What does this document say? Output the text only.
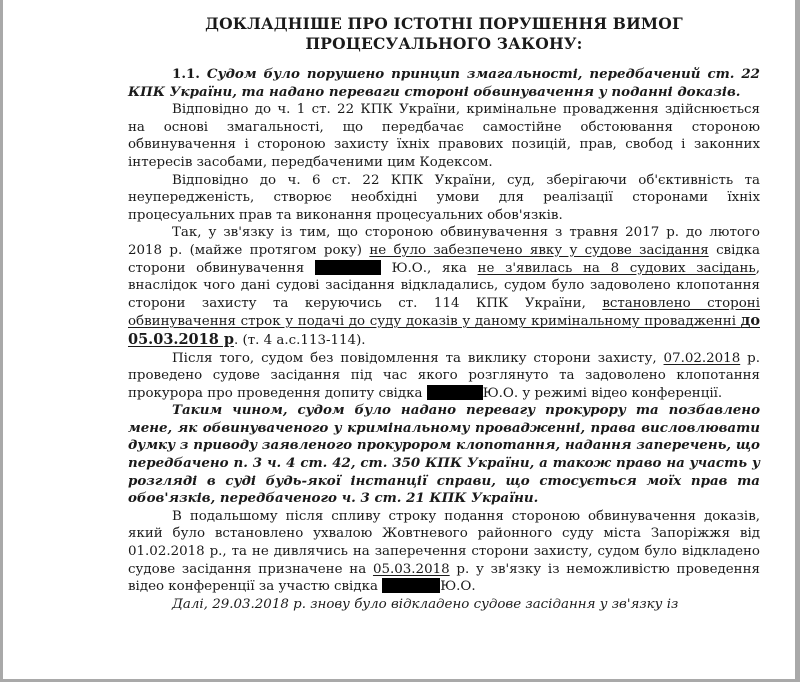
ДОКЛАДНІШЕ ПРО ІСТОТНІ ПОРУШЕННЯ ВИМОГ
ПРОЦЕСУАЛЬНОГО ЗАКОНУ:

1.1. Судом було порушено принцип змагальності, передбачений ст. 22 КПК України, та надано переваги стороні обвинувачення у поданні доказів.

Відповідно до ч. 1 ст. 22 КПК України, кримінальне провадження здійснюється на основі змагальності, що передбачає самостійне обстоювання стороною обвинувачення і стороною захисту їхніх правових позицій, прав, свобод і законних інтересів засобами, передбаченими цим Кодексом.

Відповідно до ч. 6 ст. 22 КПК України, суд, зберігаючи об'єктивність та неупередженість, створює необхідні умови для реалізації сторонами їхніх процесуальних прав та виконання процесуальних обов'язків.

Так, у зв'язку із тим, що стороною обвинувачення з травня 2017 р. до лютого 2018 р. (майже протягом року) не було забезпечено явку у судове засідання свідка сторони обвинувачення	Ю.О., яка не з'явилась на 8 судових засідань, внаслідок чого дані судові засідання відкладались, судом було задоволено клопотання сторони захисту та керуючись ст. 114 КПК України, встановлено стороні обвинувачення строк у подачі до суду доказів у даному кримінальному провадженні до 05.03.2018 р. (т. 4 а.с.113-114).

Після того, судом без повідомлення та виклику сторони захисту, 07.02.2018 р. проведено судове засідання під час якого розглянуто та задоволено клопотання прокурора про проведення допиту свідка	Ю.О. у режимі відео конференції.

Таким чином, судом було надано перевагу прокурору та позбавлено мене, як обвинуваченого у кримінальному провадженні, права висловлювати думку з приводу заявленого прокурором клопотання, надання заперечень, що передбачено п. 3 ч. 4 ст. 42, ст. 350 КПК України, а також право на участь у розгляді в суді будь-якої інстанції справи, що стосується моїх прав та обов'язків, передбаченого ч. 3 ст. 21 КПК України.

В подальшому після спливу строку подання стороною обвинувачення доказів, який було встановлено ухвалою Жовтневого районного суду міста Запоріжжя від 01.02.2018 р., та не дивлячись на заперечення сторони захисту, судом було відкладено судове засідання призначене на 05.03.2018 р. у зв'язку із неможливістю проведення відео конференції за участю свідка	Ю.О.

Далі, 29.03.2018 р. знову було відкладено судове засідання у зв'язку із
